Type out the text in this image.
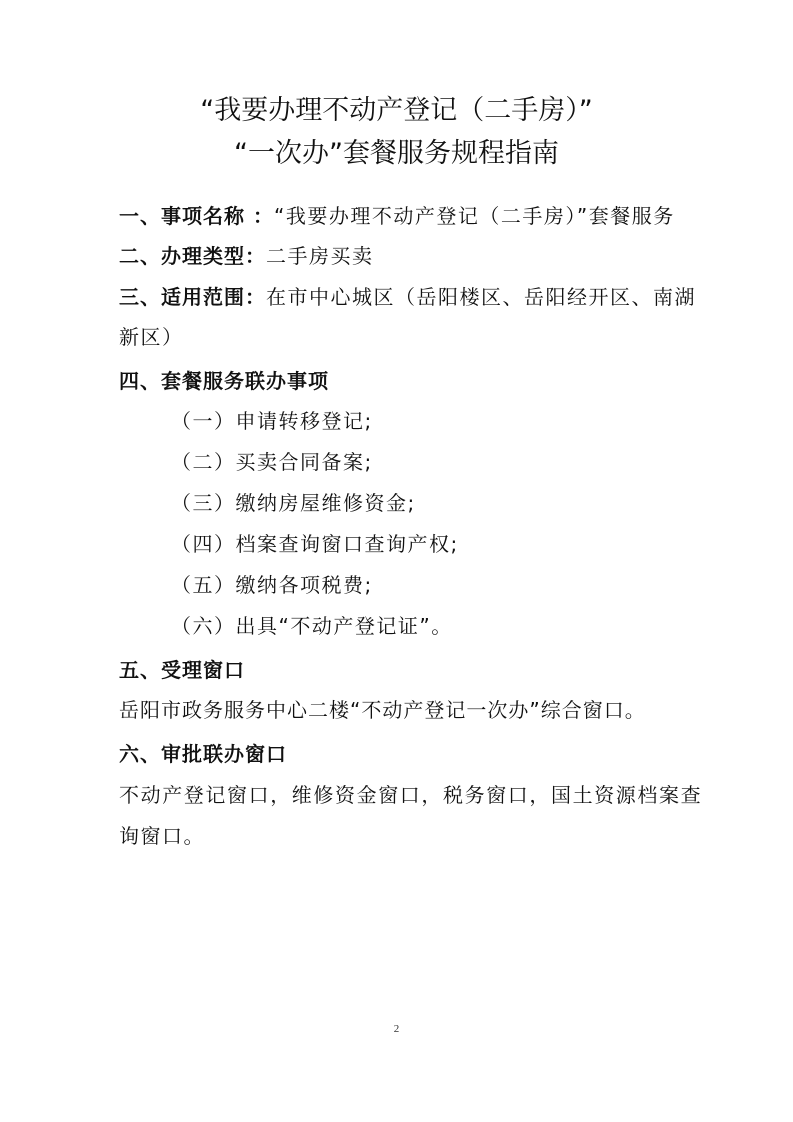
“我要办理不动产登记（二手房）”
“一次办”套餐服务规程指南
一、事项名称 ：“我要办理不动产登记（二手房）”套餐服务
二、办理类型：二手房买卖
三、适用范围：在市中心城区（岳阳楼区、岳阳经开区、南湖
新区）
四、套餐服务联办事项
（一）申请转移登记;
（二）买卖合同备案;
（三）缴纳房屋维修资金;
（四）档案查询窗口查询产权;
（五）缴纳各项税费;
（六）出具“不动产登记证”。
五、受理窗口
岳阳市政务服务中心二楼“不动产登记一次办”综合窗口。
六、审批联办窗口
不动产登记窗口，维修资金窗口，税务窗口，国土资源档案查
询窗口。
2
